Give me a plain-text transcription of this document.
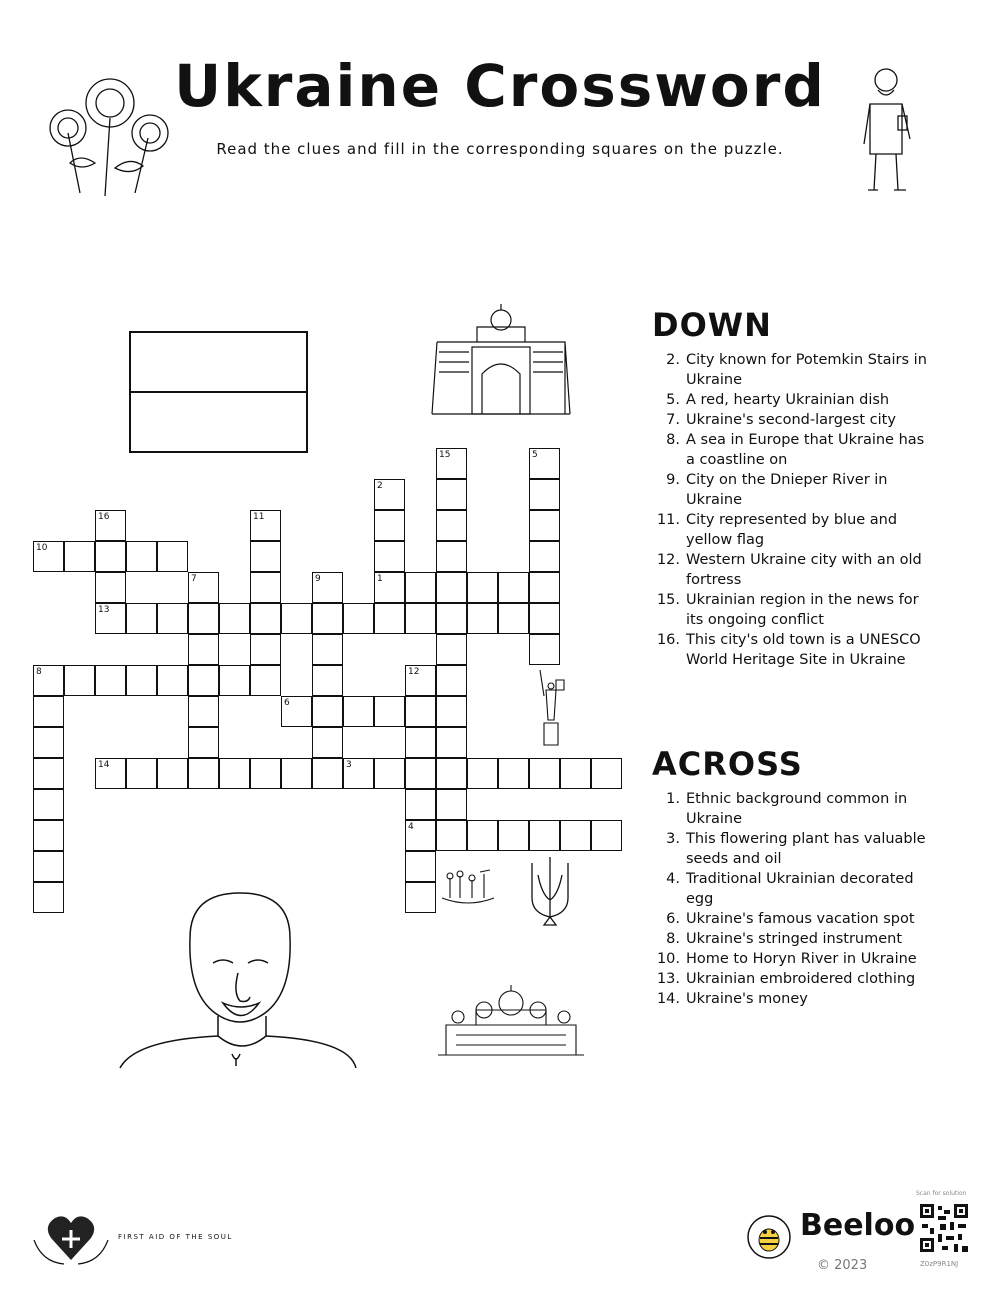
Ukraine Crossword
Read the clues and fill in the corresponding squares on the puzzle.
1
2
3
4
5
6
7
8
9
10
11
12
13
14
15
16
DOWN
2. City known for Potemkin Stairs in Ukraine
5. A red, hearty Ukrainian dish
7. Ukraine's second-largest city
8. A sea in Europe that Ukraine has a coastline on
9. City on the Dnieper River in Ukraine
11. City represented by blue and yellow flag
12. Western Ukraine city with an old fortress
15. Ukrainian region in the news for its ongoing conflict
16. This city's old town is a UNESCO World Heritage Site in Ukraine
ACROSS
1. Ethnic background common in Ukraine
3. This flowering plant has valuable seeds and oil
4. Traditional Ukrainian decorated egg
6. Ukraine's famous vacation spot
8. Ukraine's stringed instrument
10. Home to Horyn River in Ukraine
13. Ukrainian embroidered clothing
14. Ukraine's money
FIRST AID OF THE SOUL	Beeloo
© 2023
Scan for solution
Z0zP9R1NJ
